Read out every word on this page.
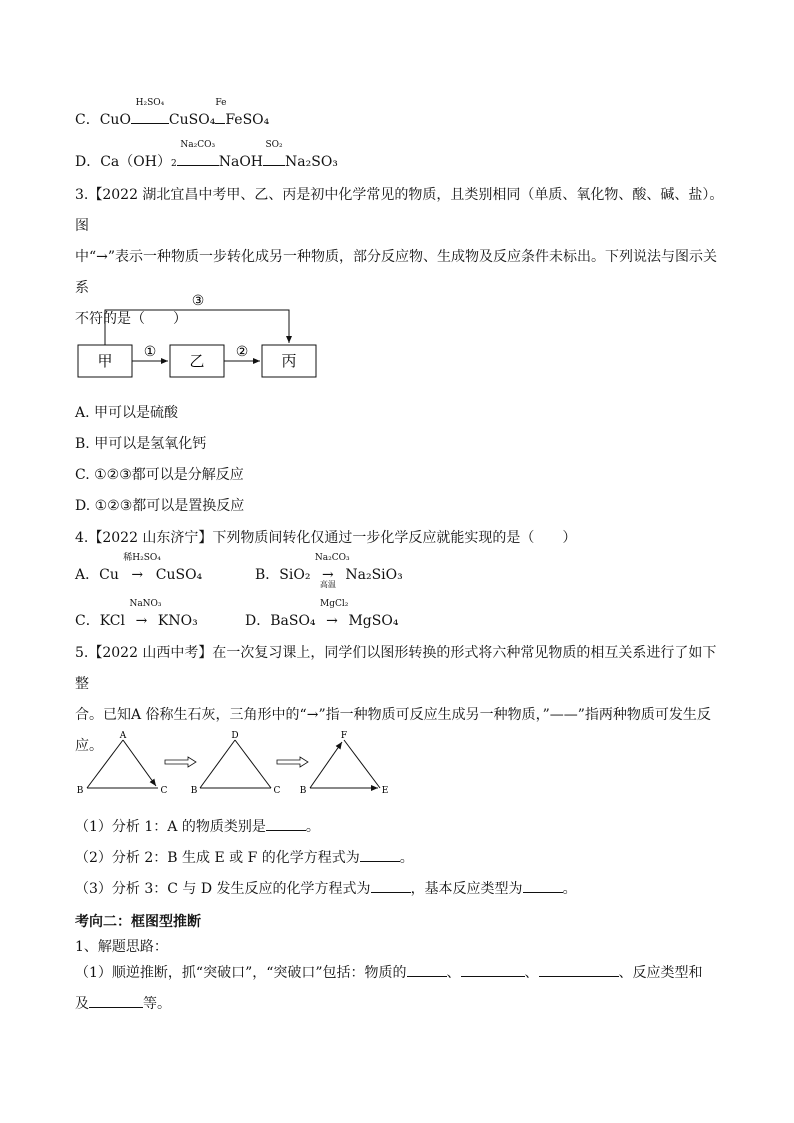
C．CuO
H₂SO₄
CuSO₄
Fe
FeSO₄
D．Ca（OH）2
Na₂CO₃
NaOH
SO₂
Na₂SO₃
3.【2022 湖北宜昌中考甲、乙、丙是初中化学常见的物质，且类别相同（单质、氧化物、酸、碱、盐）。图
中“→”表示一种物质一步转化成另一种物质，部分反应物、生成物及反应条件未标出。下列说法与图示关系
不符的是（　　）
甲	乙	丙
①	②
③
A. 甲可以是硫酸
B. 甲可以是氢氧化钙
C. ①②③都可以是分解反应
D. ①②③都可以是置换反应
4.【2022 山东济宁】下列物质间转化仅通过一步化学反应就能实现的是（　　）
A．Cu
稀H₂SO₄
→ CuSO₄	B．SiO₂
Na₂CO₃
→
高温
Na₂SiO₃
C．KCl
NaNO₃
→ KNO₃	D．BaSO₄
MgCl₂
→ MgSO₄
5.【2022 山西中考】在一次复习课上，同学们以图形转换的形式将六种常见物质的相互关系进行了如下整
合。已知A 俗称生石灰，三角形中的“→”指一种物质可反应生成另一种物质，”——”指两种物质可发生反
应。
A
B	C
D
B	C
F
B	E
（1）分析 1：A 的物质类别是	。
（2）分析 2：B 生成 E 或 F 的化学方程式为	。
（3）分析 3：C 与 D 发生反应的化学方程式为	，基本反应类型为	。
考向二：框图型推断
1、解题思路：
（1）顺逆推断，抓“突破口”，“突破口”包括：物质的	、	、	、反应类型和
及	等。
